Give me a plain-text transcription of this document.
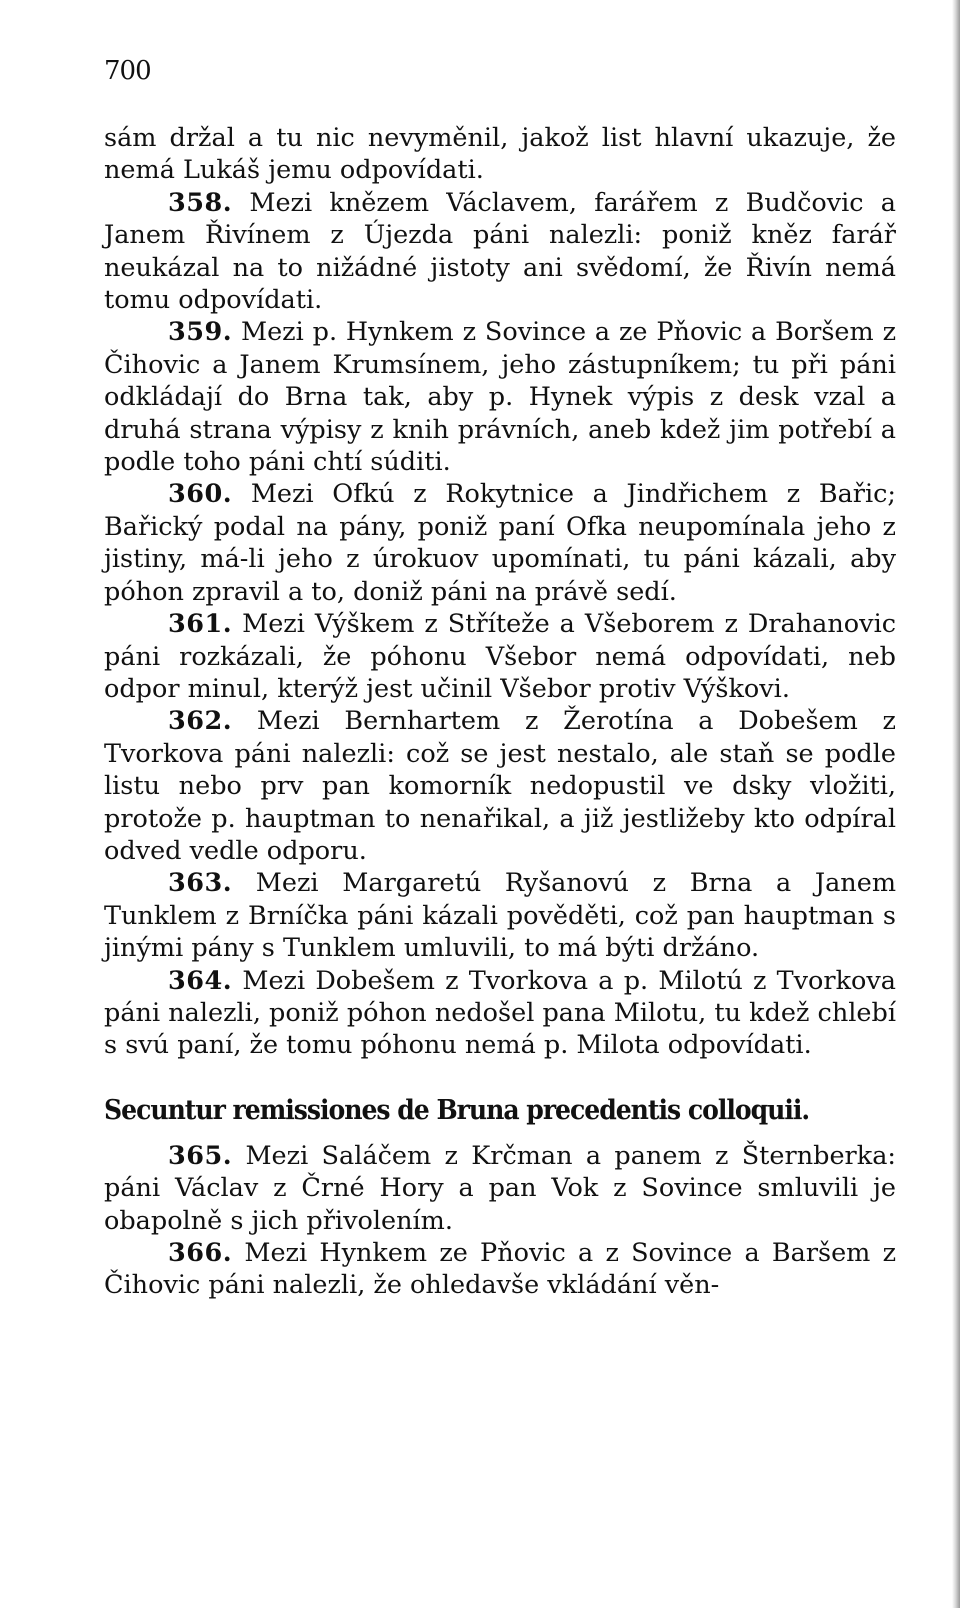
700

sám držal a tu nic nevyměnil, jakož list hlavní ukazuje, že nemá Lukáš jemu odpovídati.

358. Mezi knězem Václavem, farářem z Budčovic a Janem Řivínem z Újezda páni nalezli: poniž kněz farář neukázal na to nižádné jistoty ani svědomí, že Řivín nemá tomu odpovídati.

359. Mezi p. Hynkem z Sovince a ze Pňovic a Boršem z Čihovic a Janem Krumsínem, jeho zástupníkem; tu při páni odkládají do Brna tak, aby p. Hynek výpis z desk vzal a druhá strana výpisy z knih právních, aneb kdež jim potřebí a podle toho páni chtí súditi.

360. Mezi Ofkú z Rokytnice a Jindřichem z Bařic; Bařický podal na pány, poniž paní Ofka neupomínala jeho z jistiny, má-li jeho z úrokuov upomínati, tu páni kázali, aby póhon zpravil a to, doniž páni na právě sedí.

361. Mezi Výškem z Stříteže a Všeborem z Drahanovic páni rozkázali, že póhonu Všebor nemá odpovídati, neb odpor minul, kterýž jest učinil Všebor protiv Výškovi.

362. Mezi Bernhartem z Žerotína a Dobešem z Tvorkova páni nalezli: což se jest nestalo, ale staň se podle listu nebo prv pan komorník nedopustil ve dsky vložiti, protože p. hauptman to nenařikal, a již jestližeby kto odpíral odved vedle odporu.

363. Mezi Margaretú Ryšanovú z Brna a Janem Tunklem z Brníčka páni kázali pověděti, což pan hauptman s jinými pány s Tunklem umluvili, to má býti držáno.

364. Mezi Dobešem z Tvorkova a p. Milotú z Tvorkova páni nalezli, poniž póhon nedošel pana Milotu, tu kdež chlebí s svú paní, že tomu póhonu nemá p. Milota odpovídati.

Secuntur remissiones de Bruna precedentis colloquii.

365. Mezi Saláčem z Krčman a panem z Šternberka: páni Václav z Črné Hory a pan Vok z Sovince smluvili je obapolně s jich přivolením.

366. Mezi Hynkem ze Pňovic a z Sovince a Baršem z Čihovic páni nalezli, že ohledavše vkládání věn-
